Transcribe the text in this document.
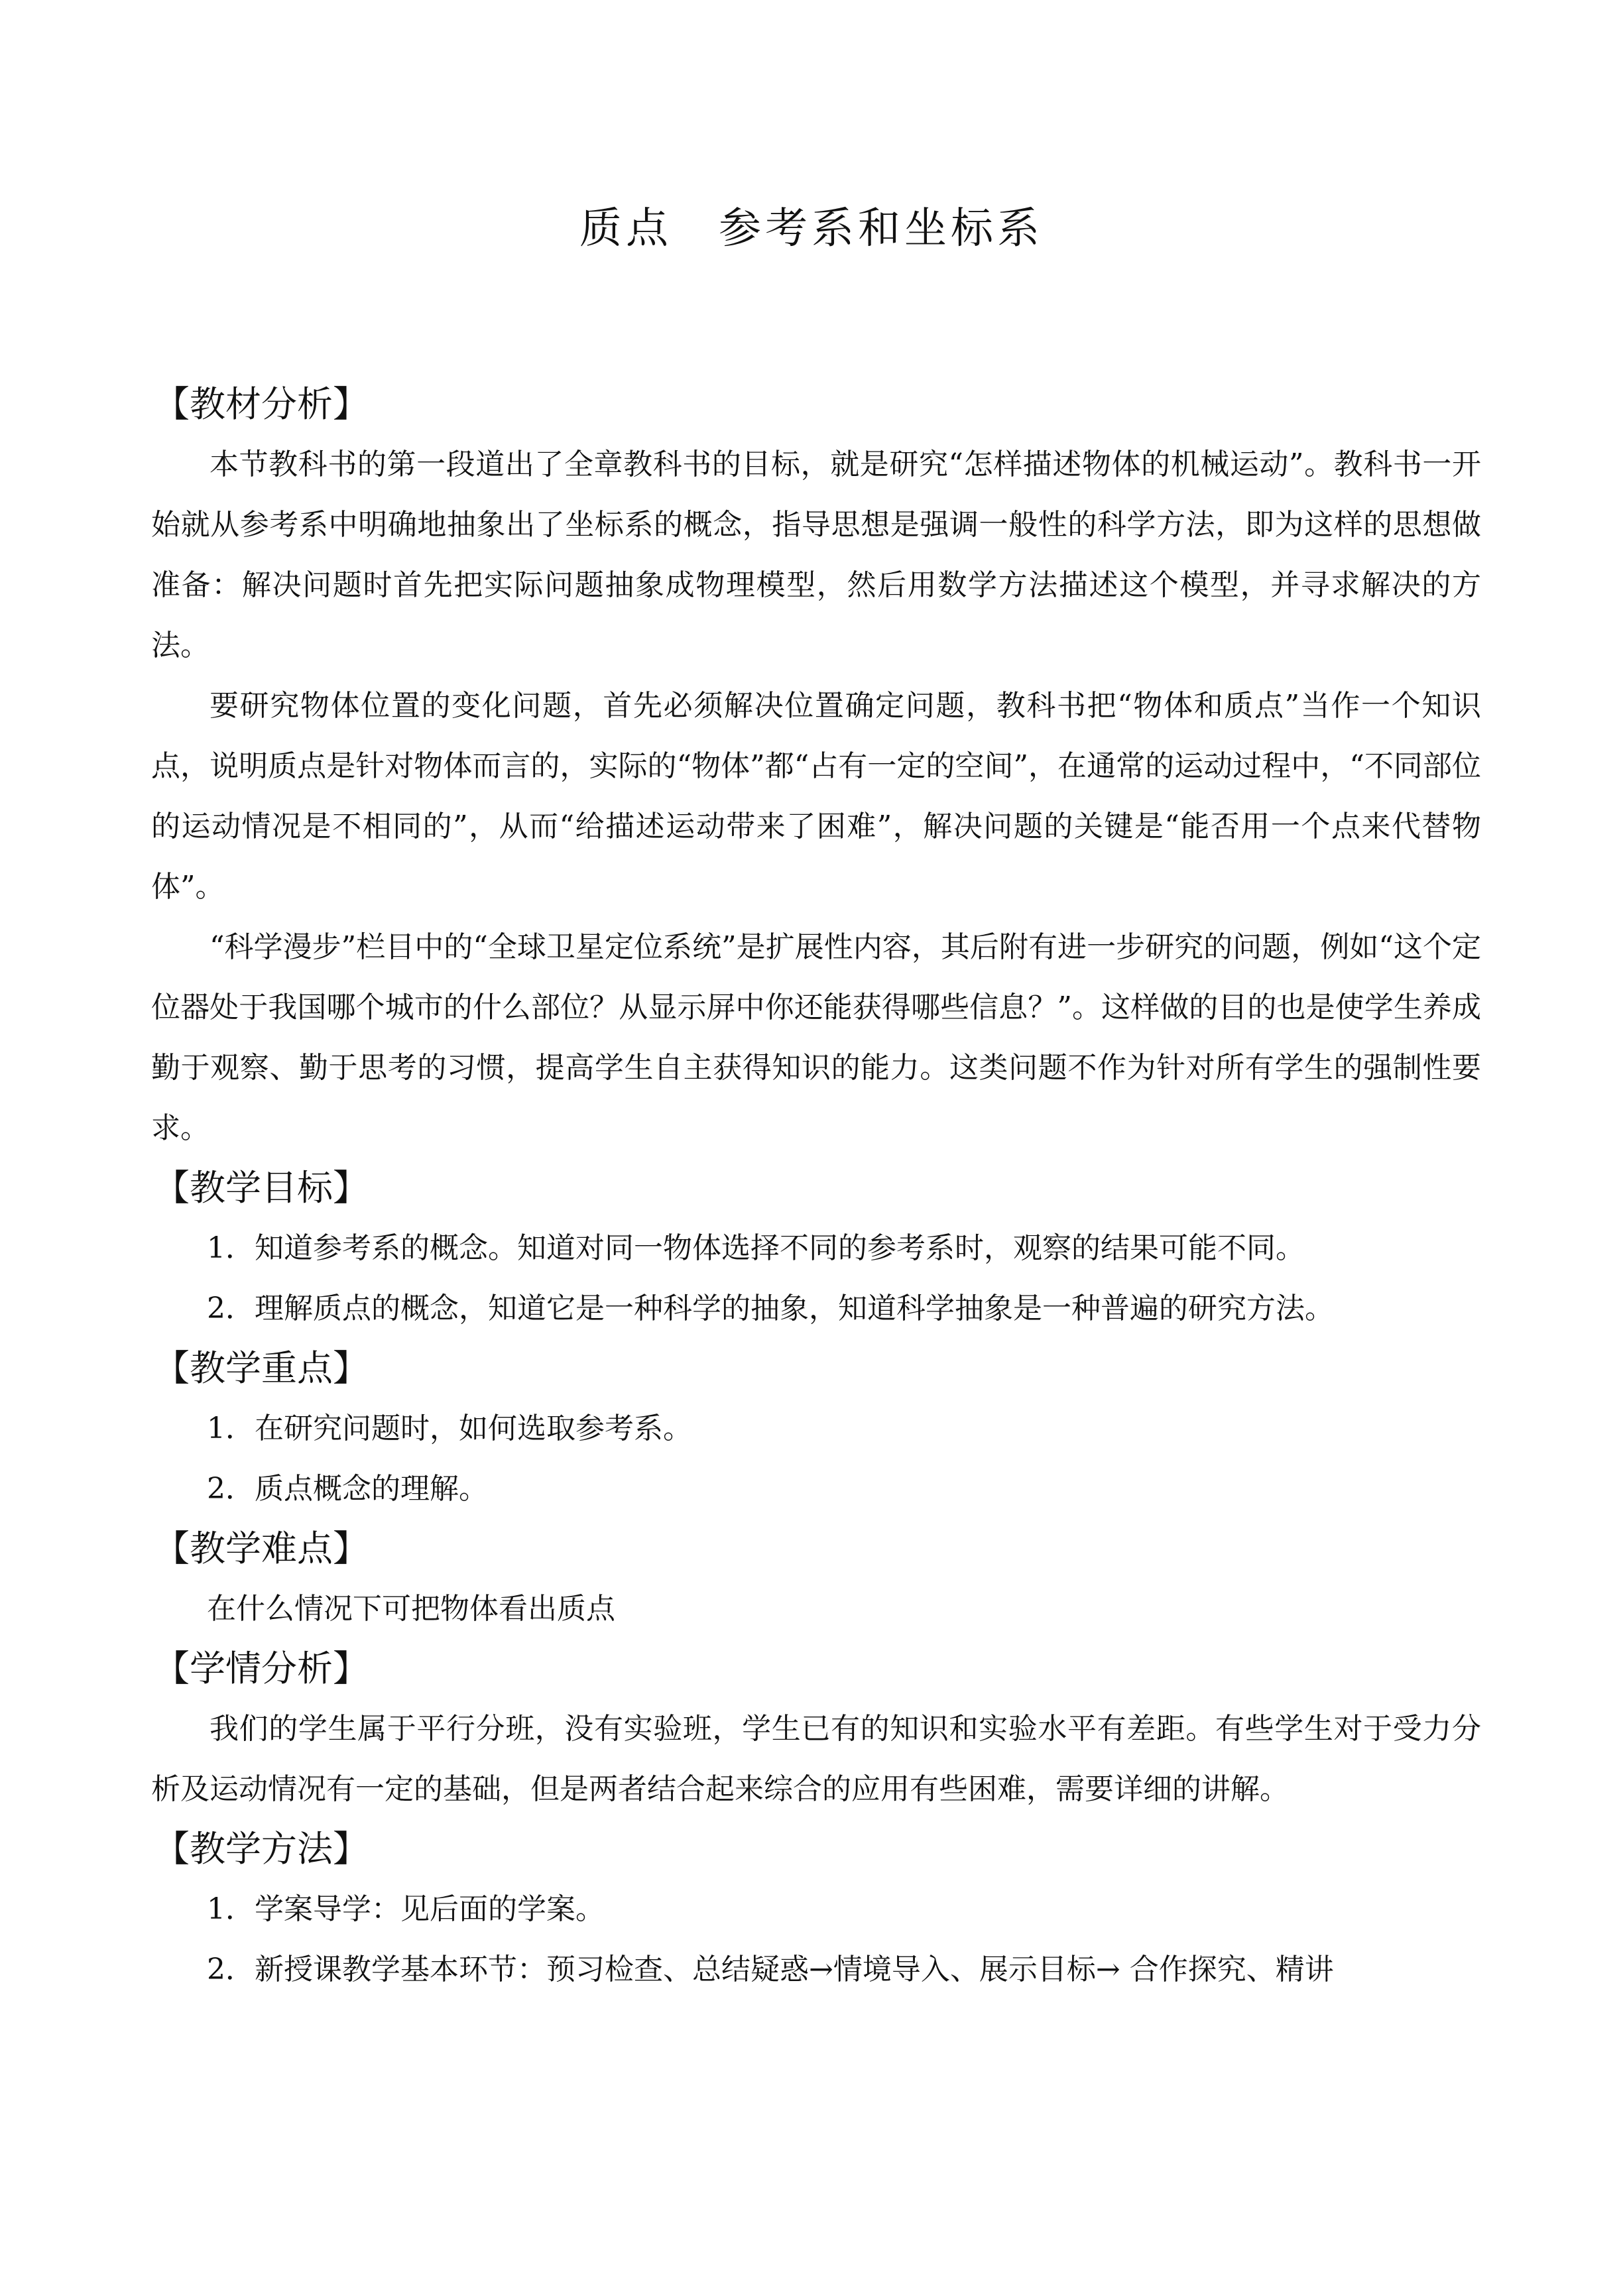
质点　参考系和坐标系
【教材分析】

本节教科书的第一段道出了全章教科书的目标，就是研究“怎样描述物体的机械运动”。教科书一开始就从参考系中明确地抽象出了坐标系的概念，指导思想是强调一般性的科学方法，即为这样的思想做准备：解决问题时首先把实际问题抽象成物理模型，然后用数学方法描述这个模型，并寻求解决的方法。

要研究物体位置的变化问题，首先必须解决位置确定问题，教科书把“物体和质点”当作一个知识点，说明质点是针对物体而言的，实际的“物体”都“占有一定的空间”，在通常的运动过程中，“不同部位的运动情况是不相同的”，从而“给描述运动带来了困难”，解决问题的关键是“能否用一个点来代替物体”。

“科学漫步”栏目中的“全球卫星定位系统”是扩展性内容，其后附有进一步研究的问题，例如“这个定位器处于我国哪个城市的什么部位？从显示屏中你还能获得哪些信息？”。这样做的目的也是使学生养成勤于观察、勤于思考的习惯，提高学生自主获得知识的能力。这类问题不作为针对所有学生的强制性要求。

【教学目标】

1．知道参考系的概念。知道对同一物体选择不同的参考系时，观察的结果可能不同。

2．理解质点的概念，知道它是一种科学的抽象，知道科学抽象是一种普遍的研究方法。

【教学重点】

1．在研究问题时，如何选取参考系。

2．质点概念的理解。

【教学难点】

在什么情况下可把物体看出质点

【学情分析】

我们的学生属于平行分班，没有实验班，学生已有的知识和实验水平有差距。有些学生对于受力分析及运动情况有一定的基础，但是两者结合起来综合的应用有些困难，需要详细的讲解。

【教学方法】

1．学案导学：见后面的学案。

2．新授课教学基本环节：预习检查、总结疑惑→情境导入、展示目标→ 合作探究、精讲
